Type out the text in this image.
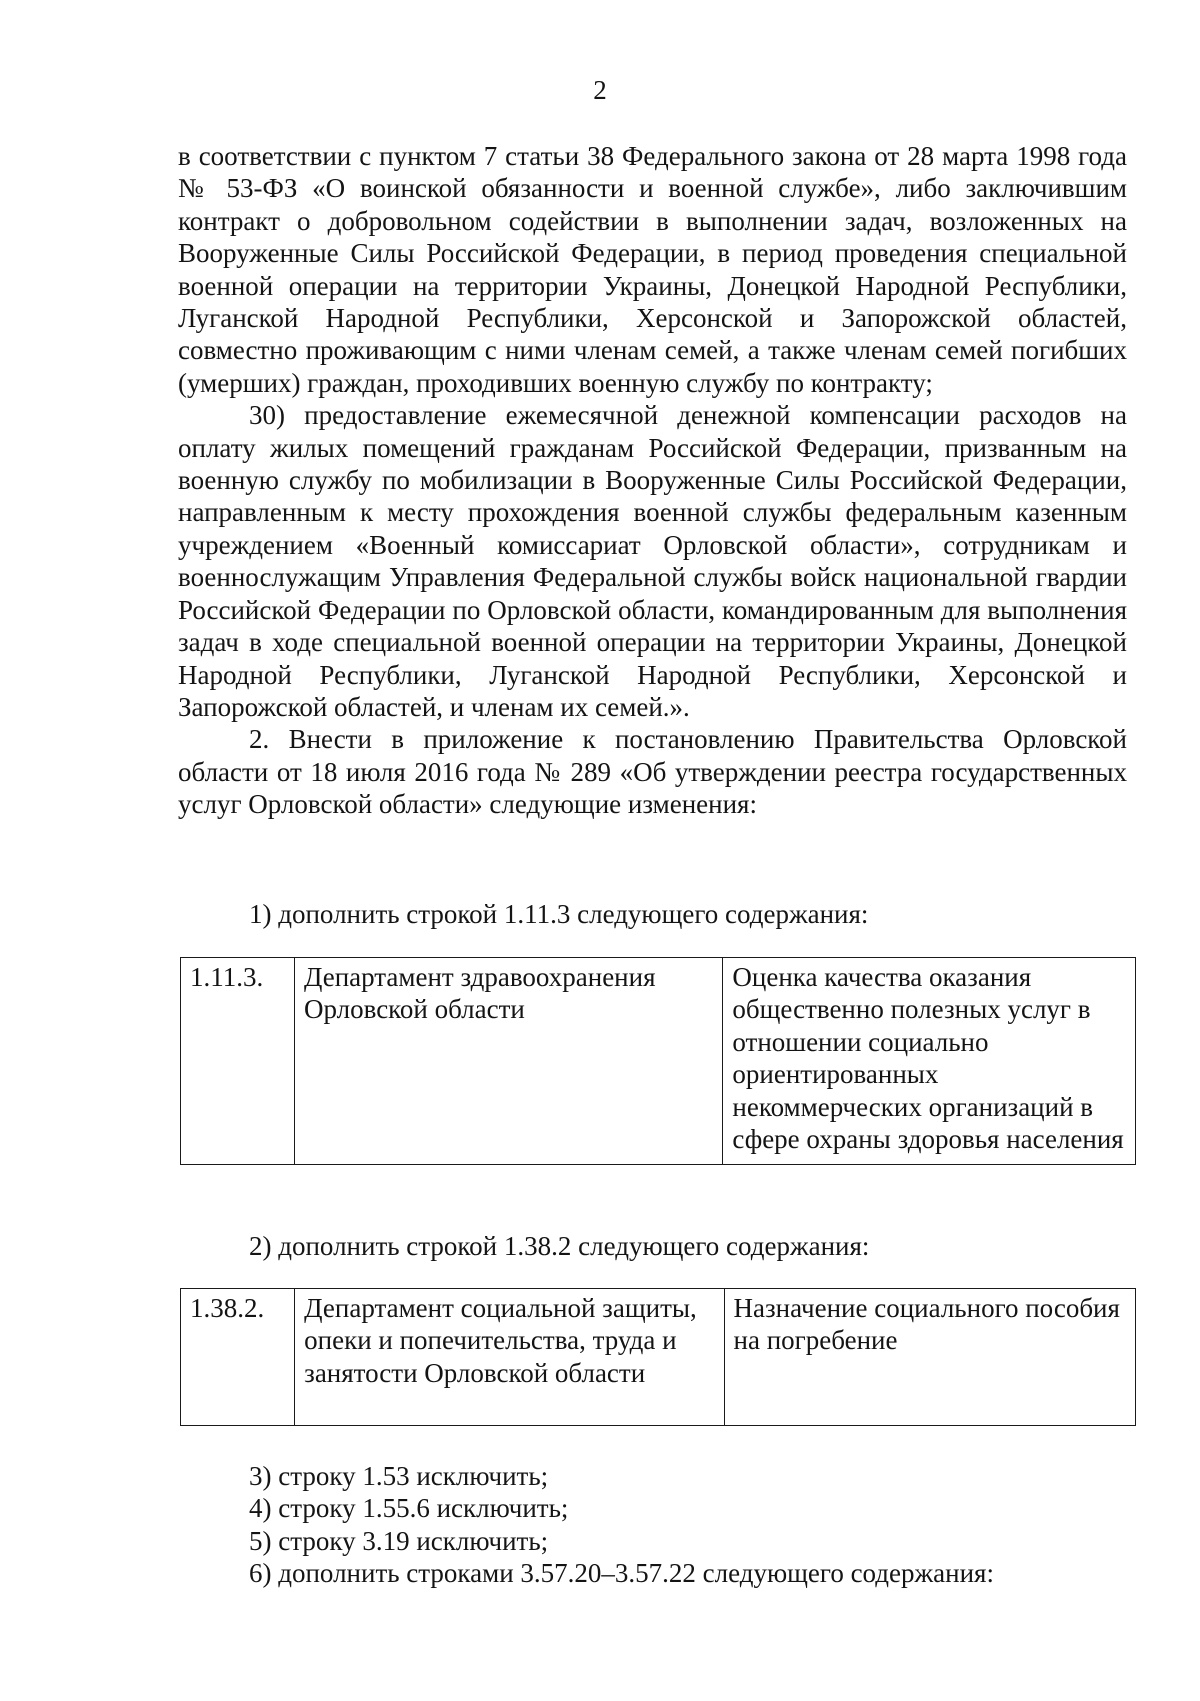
2

в соответствии с пунктом 7 статьи 38 Федерального закона от 28 марта 1998 года № 53-ФЗ «О воинской обязанности и военной службе», либо заключившим контракт о добровольном содействии в выполнении задач, возложенных на Вооруженные Силы Российской Федерации, в период проведения специальной военной операции на территории Украины, Донецкой Народной Республики, Луганской Народной Республики, Херсонской и Запорожской областей, совместно проживающим с ними членам семей, а также членам семей погибших (умерших) граждан, проходивших военную службу по контракту;

30) предоставление ежемесячной денежной компенсации расходов на оплату жилых помещений гражданам Российской Федерации, призванным на военную службу по мобилизации в Вооруженные Силы Российской Федерации, направленным к месту прохождения военной службы федеральным казенным учреждением «Военный комиссариат Орловской области», сотрудникам и военнослужащим Управления Федеральной службы войск национальной гвардии Российской Федерации по Орловской области, командированным для выполнения задач в ходе специальной военной операции на территории Украины, Донецкой Народной Республики, Луганской Народной Республики, Херсонской и Запорожской областей, и членам их семей.».

2. Внести в приложение к постановлению Правительства Орловской области от 18 июля 2016 года № 289 «Об утверждении реестра государственных услуг Орловской области» следующие изменения:

1) дополнить строкой 1.11.3 следующего содержания:

1.11.3.	Департамент здравоохранения Орловской области	Оценка качества оказания общественно полезных услуг в отношении социально ориентированных некоммерческих организаций в сфере охраны здоровья населения

2) дополнить строкой 1.38.2 следующего содержания:

1.38.2.	Департамент социальной защиты, опеки и попечительства, труда и занятости Орловской области	Назначение социального пособия на погребение

3) строку 1.53 исключить;

4) строку 1.55.6 исключить;

5) строку 3.19 исключить;

6) дополнить строками 3.57.20–3.57.22 следующего содержания:
